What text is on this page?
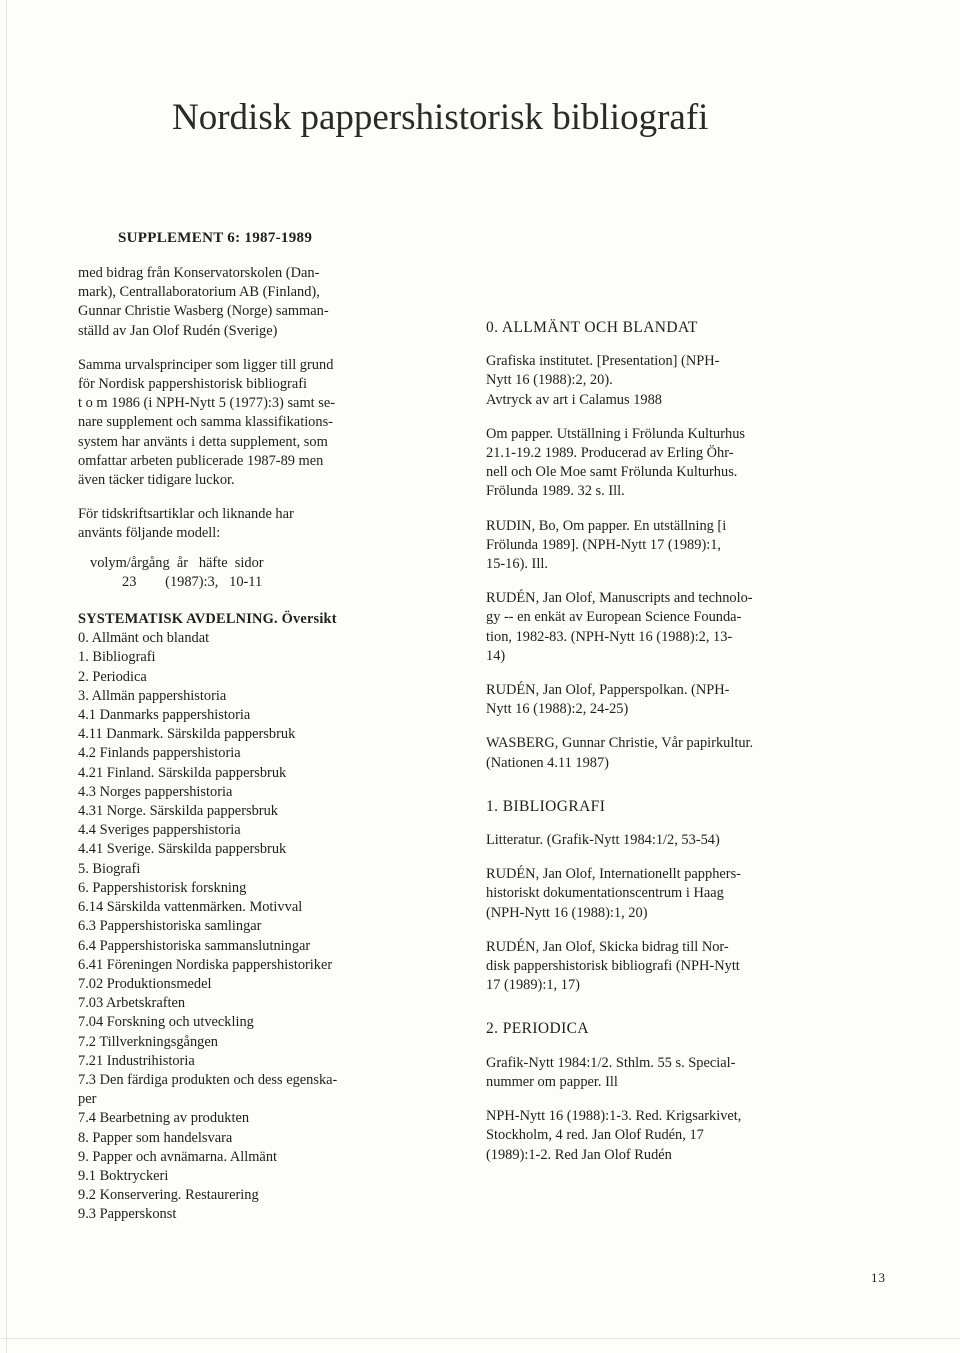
Nordisk pappershistorisk bibliografi
SUPPLEMENT 6: 1987-1989

med bidrag från Konservatorskolen (Dan-
mark), Centrallaboratorium AB (Finland),
Gunnar Christie Wasberg (Norge) samman-
ställd av Jan Olof Rudén (Sverige)

Samma urvalsprinciper som ligger till grund
för Nordisk pappershistorisk bibliografi
t o m 1986 (i NPH-Nytt 5 (1977):3) samt se-
nare supplement och samma klassifikations-
system har använts i detta supplement, som
omfattar arbeten publicerade 1987-89 men
även täcker tidigare luckor.

För tidskriftsartiklar och liknande har
använts följande modell:

volym/årgång  år   häfte  sidor
23        (1987):3,   10-11

SYSTEMATISK AVDELNING. Översikt

0. Allmänt och blandat
1. Bibliografi
2. Periodica
3. Allmän pappershistoria
4.1 Danmarks pappershistoria
4.11 Danmark. Särskilda pappersbruk
4.2 Finlands pappershistoria
4.21 Finland. Särskilda pappersbruk
4.3 Norges pappershistoria
4.31 Norge. Särskilda pappersbruk
4.4 Sveriges pappershistoria
4.41 Sverige. Särskilda pappersbruk
5. Biografi
6. Pappershistorisk forskning
6.14 Särskilda vattenmärken. Motivval
6.3 Pappershistoriska samlingar
6.4 Pappershistoriska sammanslutningar
6.41 Föreningen Nordiska pappershistoriker
7.02 Produktionsmedel
7.03 Arbetskraften
7.04 Forskning och utveckling
7.2 Tillverkningsgången
7.21 Industrihistoria
7.3 Den färdiga produkten och dess egenska-
per
7.4 Bearbetning av produkten
8. Papper som handelsvara
9. Papper och avnämarna. Allmänt
9.1 Boktryckeri
9.2 Konservering. Restaurering
9.3 Papperskonst

0. ALLMÄNT OCH BLANDAT

Grafiska institutet. [Presentation] (NPH-
Nytt 16 (1988):2, 20).
Avtryck av art i Calamus 1988
Om papper. Utställning i Frölunda Kulturhus
21.1-19.2 1989. Producerad av Erling Öhr-
nell och Ole Moe samt Frölunda Kulturhus.
Frölunda 1989. 32 s. Ill.
RUDIN, Bo, Om papper. En utställning [i
Frölunda 1989]. (NPH-Nytt 17 (1989):1,
15-16). Ill.
RUDÉN, Jan Olof, Manuscripts and technolo-
gy -- en enkät av European Science Founda-
tion, 1982-83. (NPH-Nytt 16 (1988):2, 13-
14)
RUDÉN, Jan Olof, Papperspolkan. (NPH-
Nytt 16 (1988):2, 24-25)
WASBERG, Gunnar Christie, Vår papirkultur.
(Nationen 4.11 1987)

1. BIBLIOGRAFI

Litteratur. (Grafik-Nytt 1984:1/2, 53-54)
RUDÉN, Jan Olof, Internationellt papphers-
historiskt dokumentationscentrum i Haag
(NPH-Nytt 16 (1988):1, 20)
RUDÉN, Jan Olof, Skicka bidrag till Nor-
disk pappershistorisk bibliografi (NPH-Nytt
17 (1989):1, 17)

2. PERIODICA

Grafik-Nytt 1984:1/2. Sthlm. 55 s. Special-
nummer om papper. Ill
NPH-Nytt 16 (1988):1-3. Red. Krigsarkivet,
Stockholm, 4 red. Jan Olof Rudén, 17
(1989):1-2. Red Jan Olof Rudén
13
